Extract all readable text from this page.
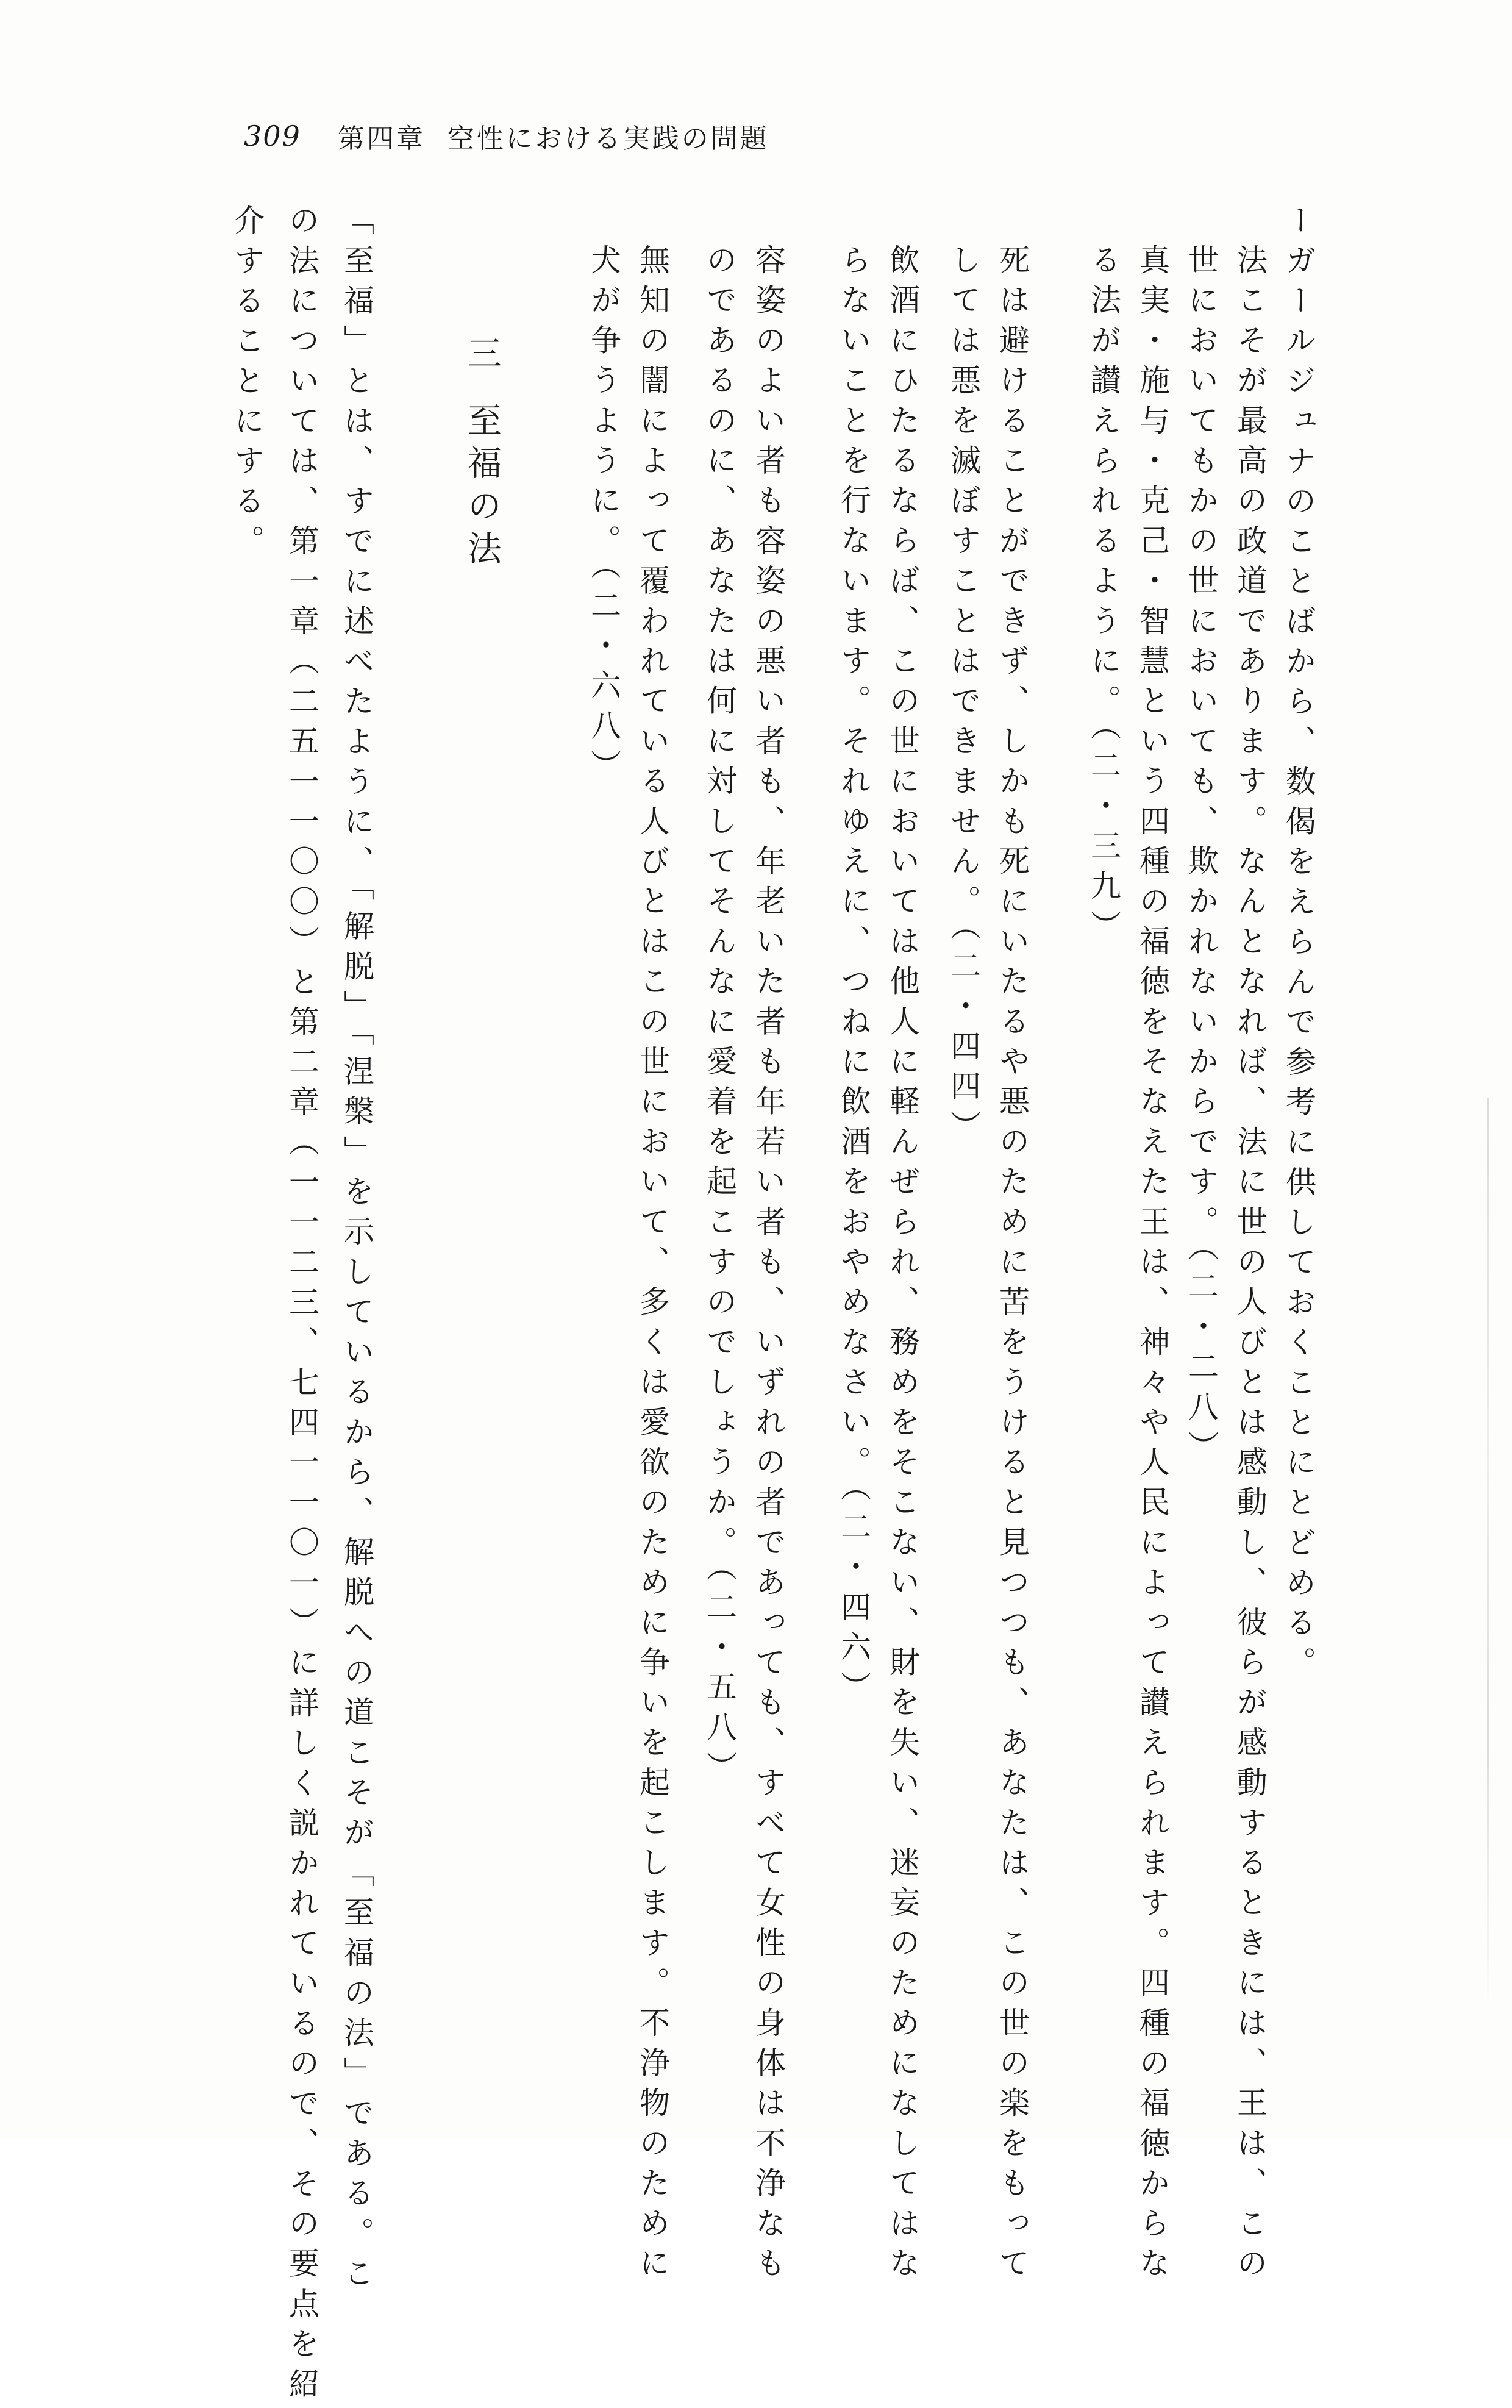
309 第四章 空性における実践の問題
ーガールジュナのことばから、数偈をえらんで参考に供しておくことにとどめる。
法こそが最高の政道であります。なんとなれば、法に世の人びとは感動し、彼らが感動するときには、王は、この
世においてもかの世においても、欺かれないからです。（二・二八）
真実・施与・克己・智慧という四種の福徳をそなえた王は、神々や人民によって讃えられます。四種の福徳からな
る法が讃えられるように。（二・三九）
死は避けることができず、しかも死にいたるや悪のために苦をうけると見つつも、あなたは、この世の楽をもって
しては悪を滅ぼすことはできません。（二・四四）
飲酒にひたるならば、この世においては他人に軽んぜられ、務めをそこない、財を失い、迷妄のためになしてはな
らないことを行ないます。それゆえに、つねに飲酒をおやめなさい。（二・四六）
容姿のよい者も容姿の悪い者も、年老いた者も年若い者も、いずれの者であっても、すべて女性の身体は不浄なも
のであるのに、あなたは何に対してそんなに愛着を起こすのでしょうか。（二・五八）
無知の闇によって覆われている人びとはこの世において、多くは愛欲のために争いを起こします。不浄物のために
犬が争うように。（二・六八）
三至福の法
「至福」とは、すでに述べたように、「解脱」「涅槃」を示しているから、解脱への道こそが「至福の法」である。こ
の法については、第一章（二五一一〇〇）と第二章（一一二三、七四一一〇一）に詳しく説かれているので、その要点を紹
介することにする。
